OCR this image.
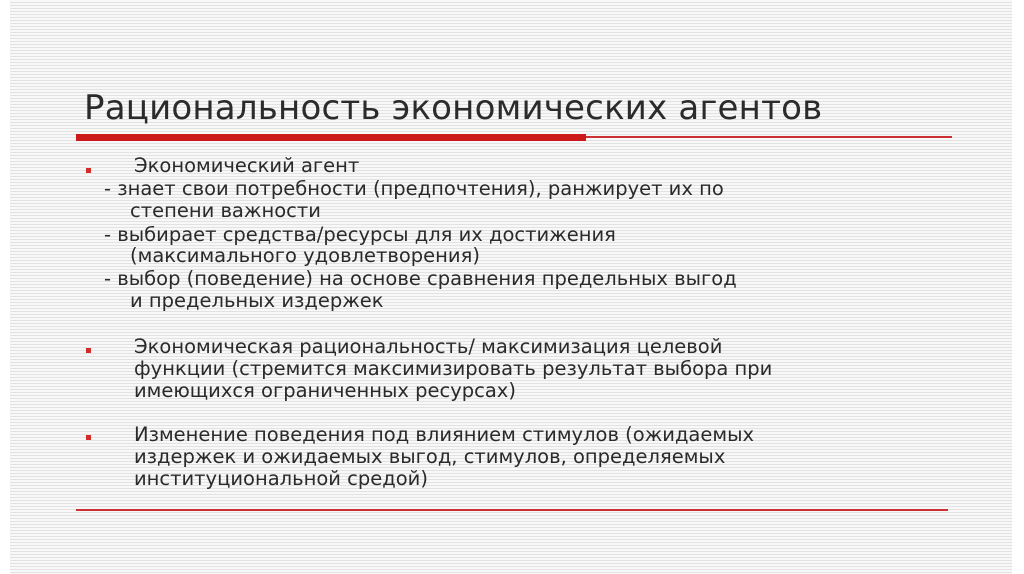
Рациональность экономических агентов
Экономический агент
- знает свои потребности (предпочтения), ранжирует их по
степени важности
- выбирает средства/ресурсы для их достижения
(максимального удовлетворения)
- выбор (поведение) на основе сравнения предельных выгод
и предельных издержек
Экономическая рациональность/ максимизация целевой
функции (стремится максимизировать результат выбора при
имеющихся ограниченных ресурсах)
Изменение поведения под влиянием стимулов (ожидаемых
издержек и ожидаемых выгод, стимулов, определяемых
институциональной средой)
